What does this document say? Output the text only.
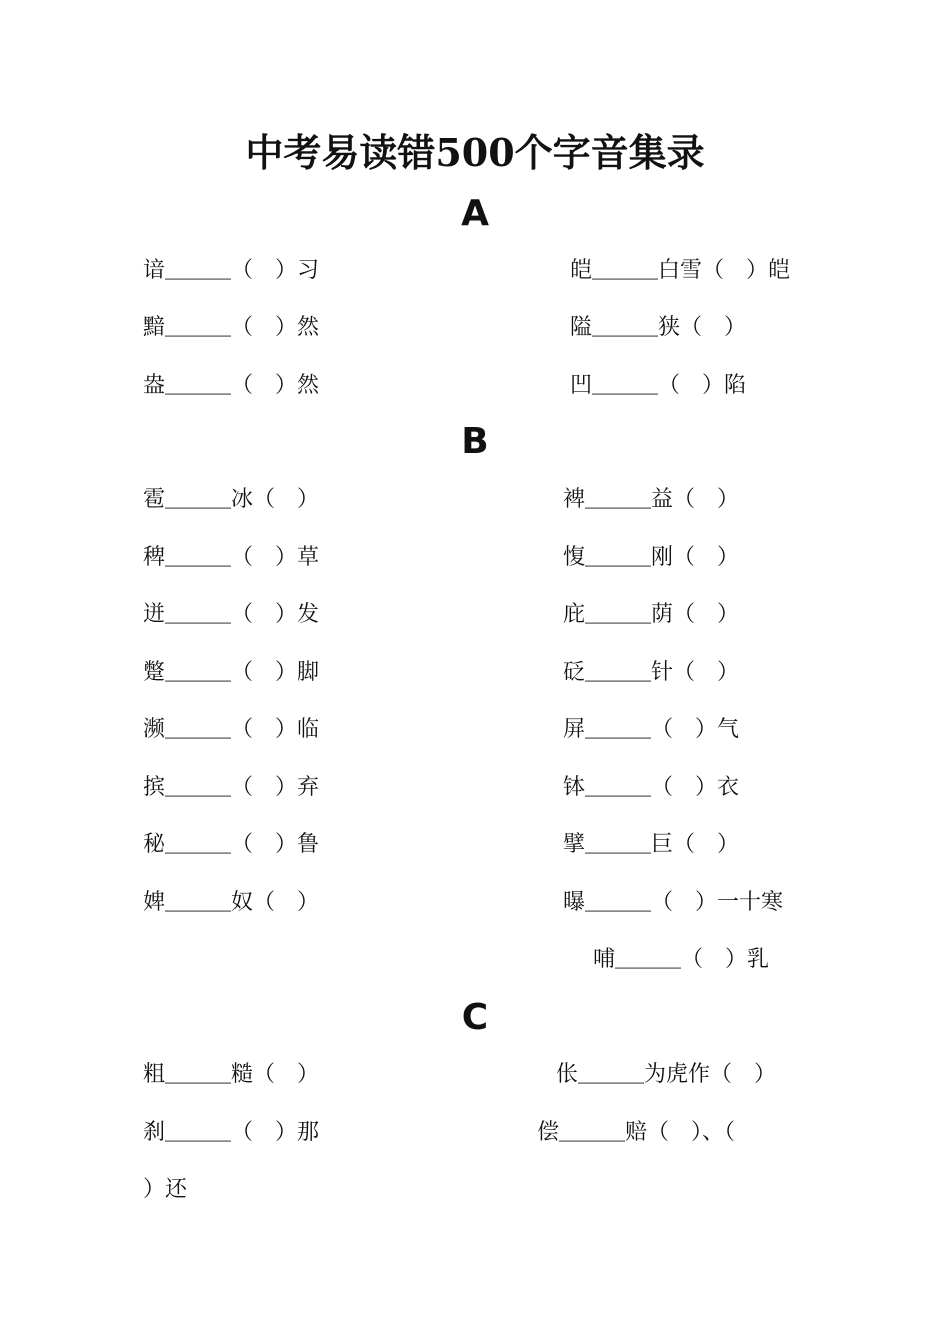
中考易读错500个字音集录
A
谙＿＿＿（　）习	皑＿＿＿白雪（　）皑
黯＿＿＿（　）然	隘＿＿＿狭（　）
盎＿＿＿（　）然	凹＿＿＿（　）陷
B
雹＿＿＿冰（　）	裨＿＿＿益（　）
稗＿＿＿（　）草	愎＿＿＿刚（　）
迸＿＿＿（　）发	庇＿＿＿荫（　）
蹩＿＿＿（　）脚	砭＿＿＿针（　）
濒＿＿＿（　）临	屏＿＿＿（　）气
摈＿＿＿（　）弃	钵＿＿＿（　）衣
秘＿＿＿（　）鲁	擘＿＿＿巨（　）
婢＿＿＿奴（　）	曝＿＿＿（　）一十寒
哺＿＿＿（　）乳
C
粗＿＿＿糙（　）	伥＿＿＿为虎作（　）
刹＿＿＿（　）那	偿＿＿＿赔（　）、（
）还
